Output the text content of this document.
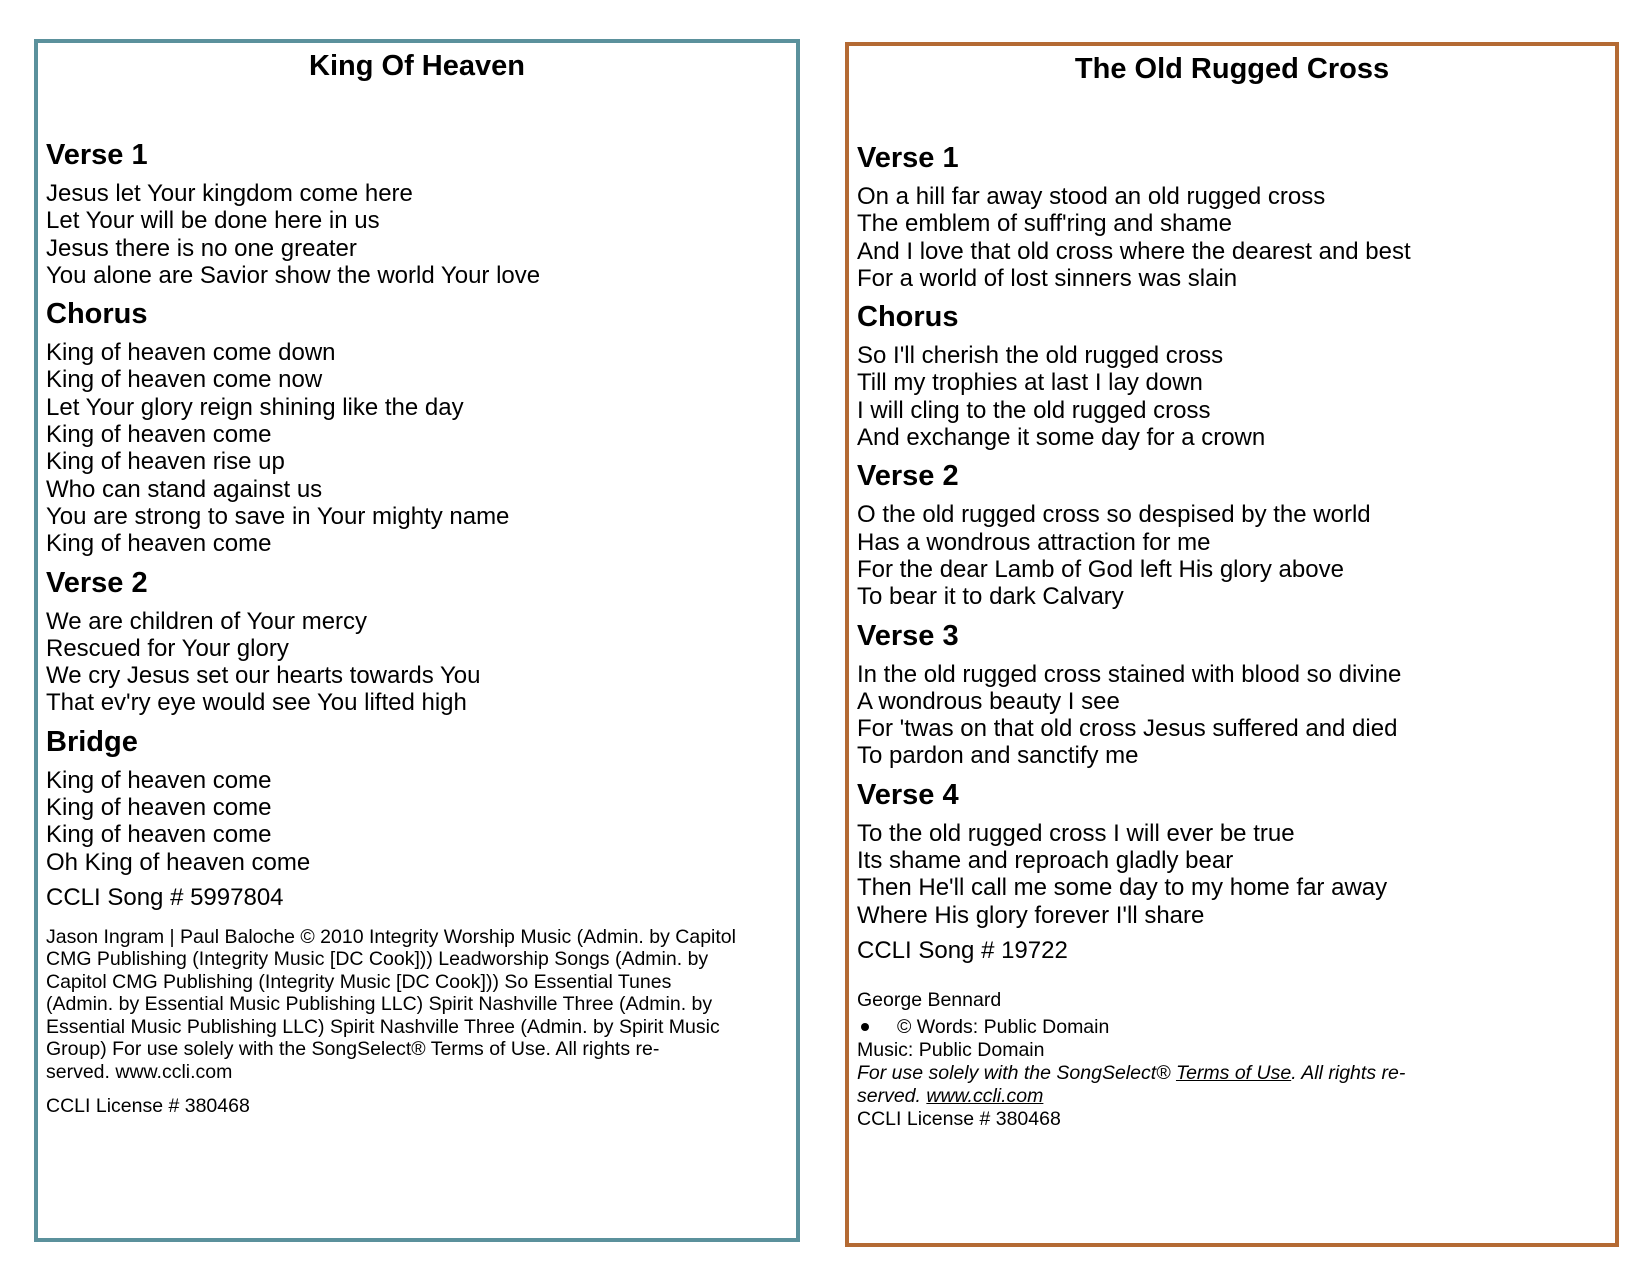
King Of Heaven
Verse 1
Jesus let Your kingdom come here
Let Your will be done here in us
Jesus there is no one greater
You alone are Savior show the world Your love
Chorus
King of heaven come down
King of heaven come now
Let Your glory reign shining like the day
King of heaven come
King of heaven rise up
Who can stand against us
You are strong to save in Your mighty name
King of heaven come
Verse 2
We are children of Your mercy
Rescued for Your glory
We cry Jesus set our hearts towards You
That ev'ry eye would see You lifted high
Bridge
King of heaven come
King of heaven come
King of heaven come
Oh King of heaven come
CCLI Song # 5997804
Jason Ingram | Paul Baloche © 2010 Integrity Worship Music (Admin. by Capitol
CMG Publishing (Integrity Music [DC Cook])) Leadworship Songs (Admin. by
Capitol CMG Publishing (Integrity Music [DC Cook])) So Essential Tunes
(Admin. by Essential Music Publishing LLC) Spirit Nashville Three (Admin. by
Essential Music Publishing LLC) Spirit Nashville Three (Admin. by Spirit Music
Group) For use solely with the SongSelect® Terms of Use. All rights re-
served. www.ccli.com
CCLI License # 380468
The Old Rugged Cross
Verse 1
On a hill far away stood an old rugged cross
The emblem of suff'ring and shame
And I love that old cross where the dearest and best
For a world of lost sinners was slain
Chorus
So I'll cherish the old rugged cross
Till my trophies at last I lay down
I will cling to the old rugged cross
And exchange it some day for a crown
Verse 2
O the old rugged cross so despised by the world
Has a wondrous attraction for me
For the dear Lamb of God left His glory above
To bear it to dark Calvary
Verse 3
In the old rugged cross stained with blood so divine
A wondrous beauty I see
For 'twas on that old cross Jesus suffered and died
To pardon and sanctify me
Verse 4
To the old rugged cross I will ever be true
Its shame and reproach gladly bear
Then He'll call me some day to my home far away
Where His glory forever I'll share
CCLI Song # 19722
George Bennard
© Words: Public Domain
Music: Public Domain
For use solely with the SongSelect® Terms of Use. All rights re-
served. www.ccli.com
CCLI License # 380468
